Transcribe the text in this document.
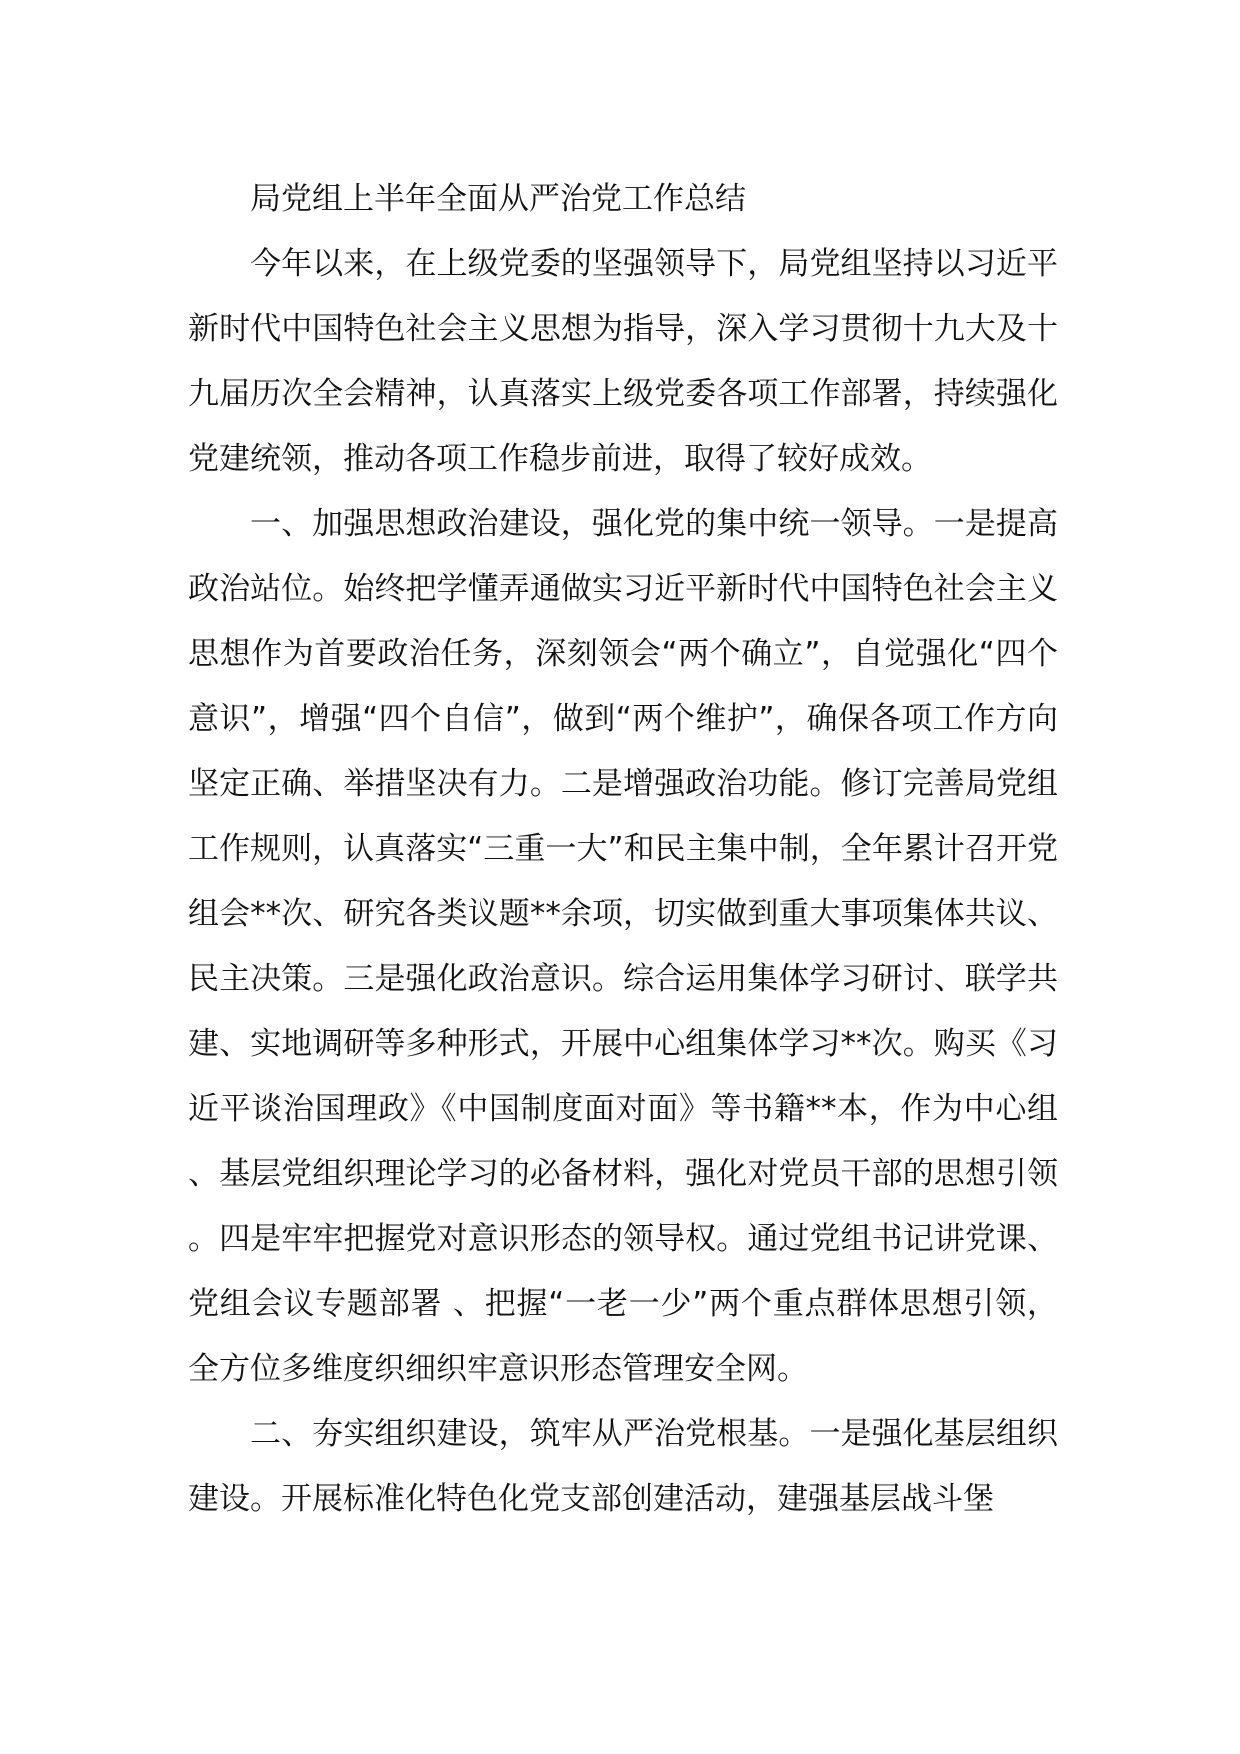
局党组上半年全面从严治党工作总结

今年以来，在上级党委的坚强领导下，局党组坚持以习近平新时代中国特色社会主义思想为指导，深入学习贯彻十九大及十九届历次全会精神，认真落实上级党委各项工作部署，持续强化党建统领，推动各项工作稳步前进，取得了较好成效。

一、加强思想政治建设，强化党的集中统一领导。一是提高政治站位。始终把学懂弄通做实习近平新时代中国特色社会主义思想作为首要政治任务，深刻领会“两个确立”，自觉强化“四个意识”，增强“四个自信”，做到“两个维护”，确保各项工作方向坚定正确、举措坚决有力。二是增强政治功能。修订完善局党组工作规则，认真落实“三重一大”和民主集中制，全年累计召开党组会**次、研究各类议题**余项，切实做到重大事项集体共议、民主决策。三是强化政治意识。综合运用集体学习研讨、联学共建、实地调研等多种形式，开展中心组集体学习**次。购买《习近平谈治国理政》《中国制度面对面》等书籍**本，作为中心组、基层党组织理论学习的必备材料，强化对党员干部的思想引领。四是牢牢把握党对意识形态的领导权。通过党组书记讲党课、党组会议专题部署 、把握“一老一少”两个重点群体思想引领，全方位多维度织细织牢意识形态管理安全网。

二、夯实组织建设，筑牢从严治党根基。一是强化基层组织建设。开展标准化特色化党支部创建活动，建强基层战斗堡
